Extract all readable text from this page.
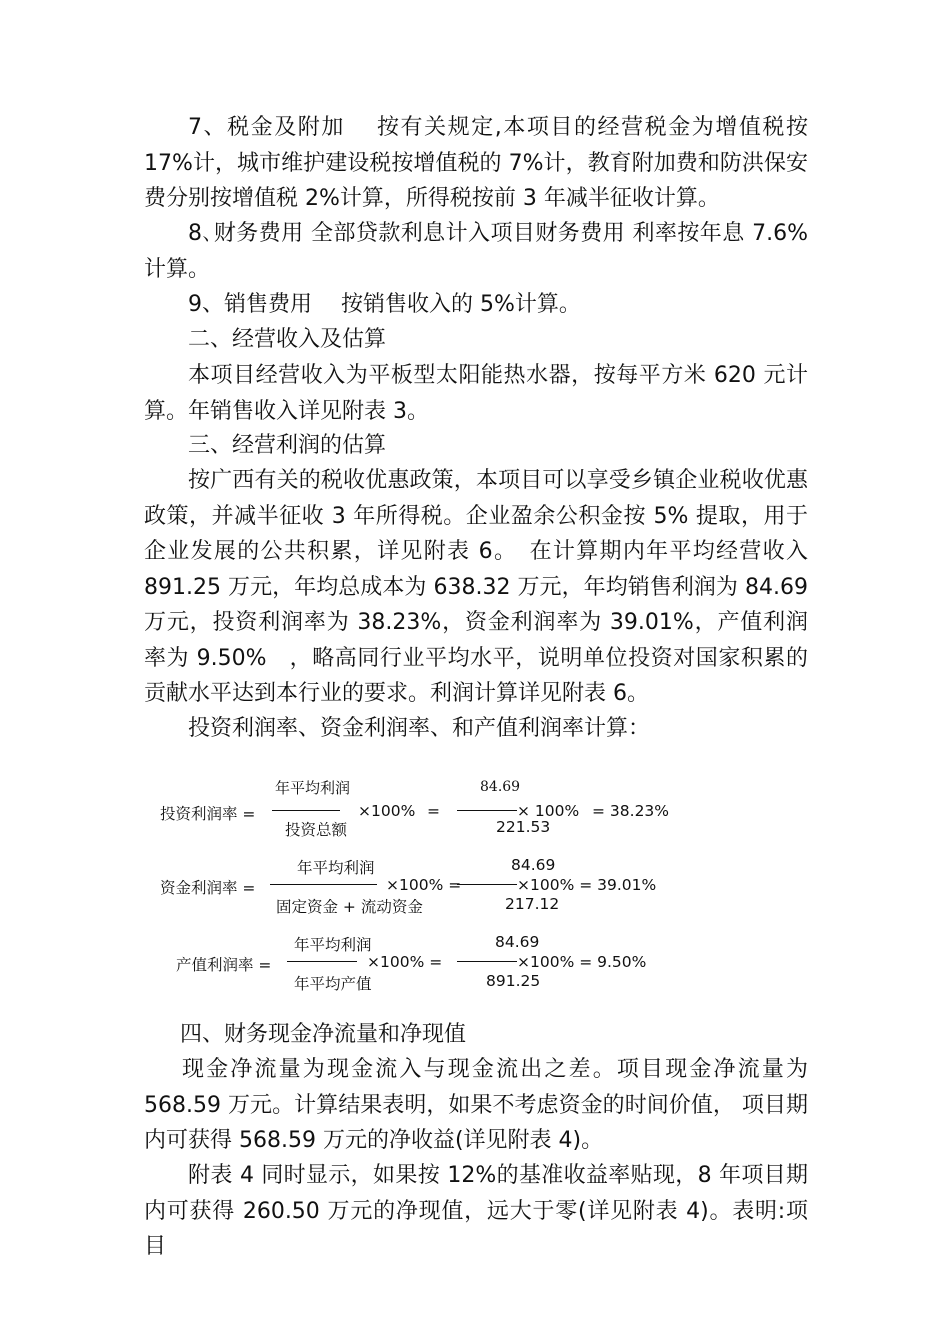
7、税金及附加　 按有关规定,本项目的经营税金为增值税按17%计，城市维护建设税按增值税的 7%计，教育附加费和防洪保安费分别按增值税 2%计算，所得税按前 3 年减半征收计算。

8､财务费用 全部贷款利息计入项目财务费用 利率按年息 7.6%计算。

9、销售费用　 按销售收入的 5%计算。

二、经营收入及估算

本项目经营收入为平板型太阳能热水器，按每平方米 620 元计算。年销售收入详见附表 3。

三、经营利润的估算

按广西有关的税收优惠政策，本项目可以享受乡镇企业税收优惠政策，并减半征收 3 年所得税。企业盈余公积金按 5% 提取，用于企业发展的公共积累，详见附表 6。　在计算期内年平均经营收入 891.25 万元，年均总成本为 638.32 万元，年均销售利润为 84.69 万元，投资利润率为 38.23%，资金利润率为 39.01%，产值利润率为 9.50%　，略高同行业平均水平，说明单位投资对国家积累的贡献水平达到本行业的要求。利润计算详见附表 6。

投资利润率、资金利润率、和产值利润率计算：

投资利润率 =
年平均利润
投资总额
×100% =
84.69
221.53
× 100% = 38.23%
资金利润率 =
年平均利润
固定资金 + 流动资金
×100% =
84.69
217.12
×100% = 39.01%
产值利润率 =
年平均利润
年平均产值
×100% =
84.69
891.25
×100% = 9.50%

四、财务现金净流量和净现值

现金净流量为现金流入与现金流出之差。项目现金净流量为 568.59 万元。计算结果表明，如果不考虑资金的时间价值， 项目期内可获得 568.59 万元的净收益(详见附表 4)。

附表 4 同时显示，如果按 12%的基准收益率贴现，8 年项目期内可获得 260.50 万元的净现值，远大于零(详见附表 4)。表明:项目
